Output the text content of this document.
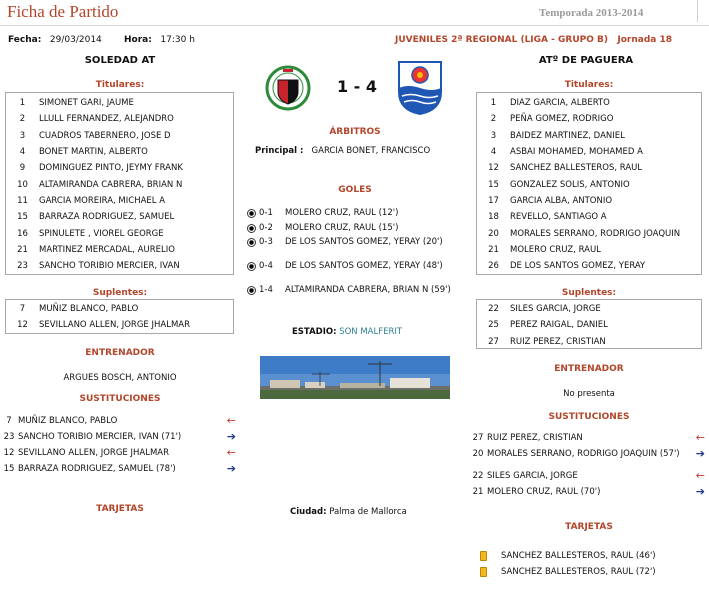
Ficha de Partido	Temporada 2013-2014
Fecha: 29/03/2014 Hora: 17:30 h	JUVENILES 2ª REGIONAL (LIGA - GRUPO B) Jornada 18
SOLEDAD AT
Titulares:
1	SIMONET GARI, JAUME
2	LLULL FERNANDEZ, ALEJANDRO
3	CUADROS TABERNERO, JOSE D
4	BONET MARTIN, ALBERTO
9	DOMINGUEZ PINTO, JEYMY FRANK
10	ALTAMIRANDA CABRERA, BRIAN N
11	GARCIA MOREIRA, MICHAEL A
15	BARRAZA RODRIGUEZ, SAMUEL
16	SPINULETE , VIOREL GEORGE
21	MARTINEZ MERCADAL, AURELIO
23	SANCHO TORIBIO MERCIER, IVAN
Suplentes:
7	MUÑIZ BLANCO, PABLO
12	SEVILLANO ALLEN, JORGE JHALMAR
ENTRENADOR
ARGUES BOSCH, ANTONIO
SUSTITUCIONES
7 MUÑIZ BLANCO, PABLO	←
23 SANCHO TORIBIO MERCIER, IVAN (71')	➔
12 SEVILLANO ALLEN, JORGE JHALMAR	←
15 BARRAZA RODRIGUEZ, SAMUEL (78')	➔
TARJETAS
1 - 4
ÁRBITROS
Principal : GARCIA BONET, FRANCISCO
GOLES
0-1	MOLERO CRUZ, RAUL (12')
0-2	MOLERO CRUZ, RAUL (15')
0-3	DE LOS SANTOS GOMEZ, YERAY (20')
0-4	DE LOS SANTOS GOMEZ, YERAY (48')
1-4	ALTAMIRANDA CABRERA, BRIAN N (59')
ESTADIO: SON MALFERIT
Ciudad: Palma de Mallorca
ATº DE PAGUERA
Titulares:
1	DIAZ GARCIA, ALBERTO
2	PEÑA GOMEZ, RODRIGO
3	BAIDEZ MARTINEZ, DANIEL
4	ASBAI MOHAMED, MOHAMED A
12	SANCHEZ BALLESTEROS, RAUL
15	GONZALEZ SOLIS, ANTONIO
17	GARCIA ALBA, ANTONIO
18	REVELLO, SANTIAGO A
20	MORALES SERRANO, RODRIGO JOAQUIN
21	MOLERO CRUZ, RAUL
26	DE LOS SANTOS GOMEZ, YERAY
Suplentes:
22	SILES GARCIA, JORGE
25	PEREZ RAIGAL, DANIEL
27	RUIZ PEREZ, CRISTIAN
ENTRENADOR
No presenta
SUSTITUCIONES
27 RUIZ PEREZ, CRISTIAN	←
20 MORALES SERRANO, RODRIGO JOAQUIN (57')	➔
22 SILES GARCIA, JORGE	←
21 MOLERO CRUZ, RAUL (70')	➔
TARJETAS
SANCHEZ BALLESTEROS, RAUL (46')
SANCHEZ BALLESTEROS, RAUL (72')
